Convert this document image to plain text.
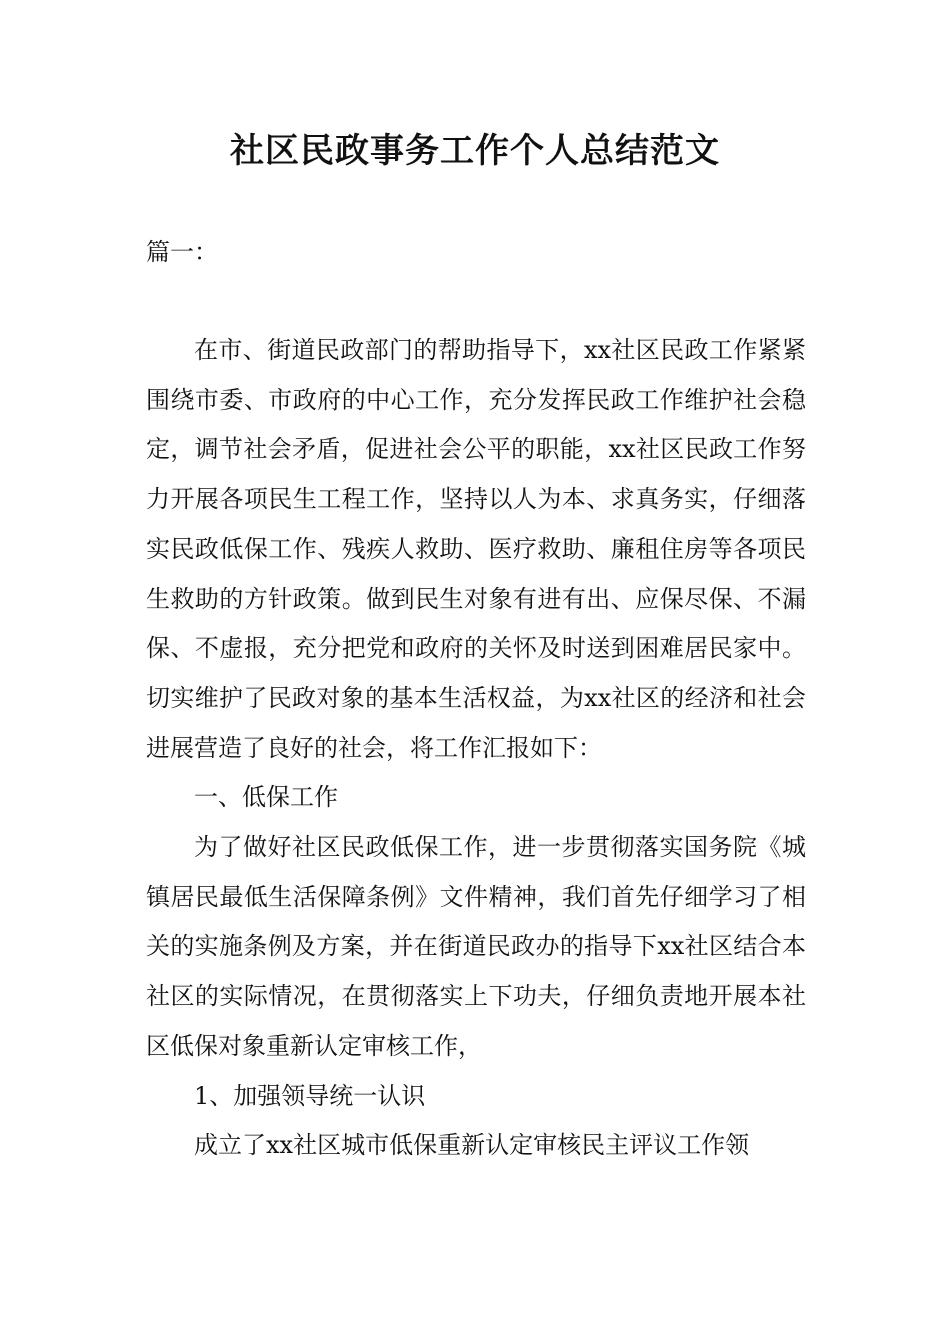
社区民政事务工作个人总结范文
篇一：

在市、街道民政部门的帮助指导下，xx社区民政工作紧紧围绕市委、市政府的中心工作，充分发挥民政工作维护社会稳定，调节社会矛盾，促进社会公平的职能，xx社区民政工作努力开展各项民生工程工作，坚持以人为本、求真务实，仔细落实民政低保工作、残疾人救助、医疗救助、廉租住房等各项民生救助的方针政策。做到民生对象有进有出、应保尽保、不漏保、不虚报，充分把党和政府的关怀及时送到困难居民家中。切实维护了民政对象的基本生活权益，为xx社区的经济和社会进展营造了良好的社会，将工作汇报如下：

一、低保工作

为了做好社区民政低保工作，进一步贯彻落实国务院《城镇居民最低生活保障条例》文件精神，我们首先仔细学习了相关的实施条例及方案，并在街道民政办的指导下xx社区结合本社区的实际情况，在贯彻落实上下功夫，仔细负责地开展本社区低保对象重新认定审核工作，

1、加强领导统一认识

成立了xx社区城市低保重新认定审核民主评议工作领
